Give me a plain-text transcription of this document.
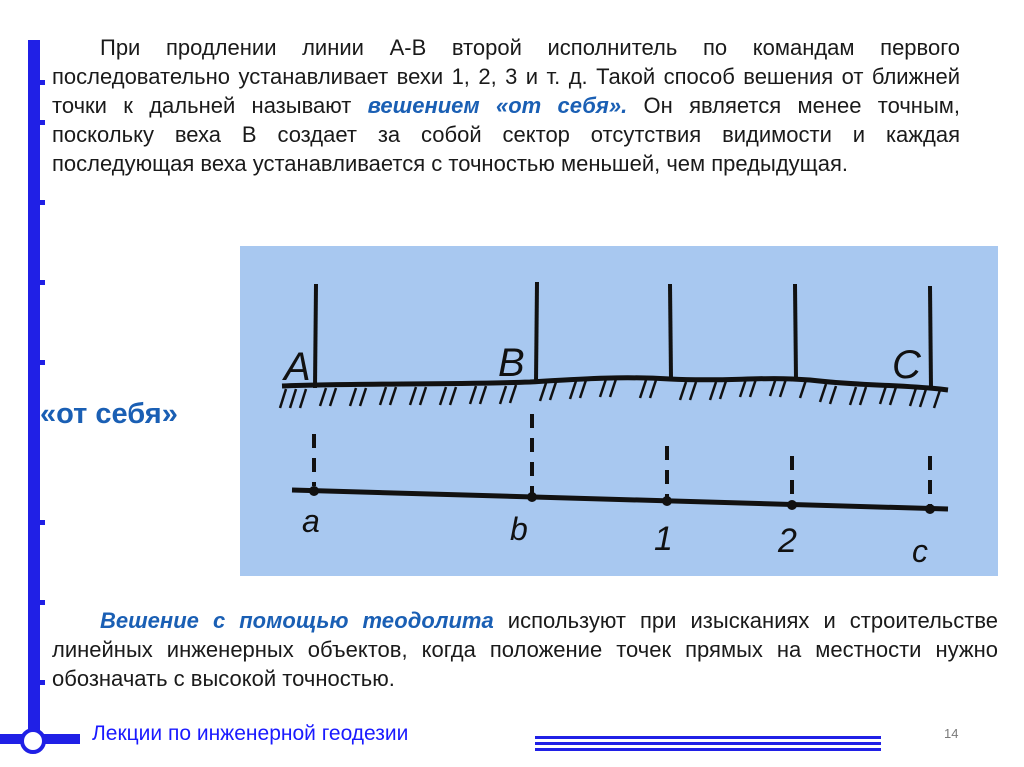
При продлении линии А-В второй исполнитель по командам первого последовательно устанавливает вехи 1, 2, 3 и т. д. Такой способ вешения от ближней точки к дальней называют вешением «от себя». Он является менее точным, поскольку веха В создает за собой сектор отсутствия видимости и каждая последующая веха устанавливается с точностью меньшей, чем предыдущая.
«от себя»
A	B	C
a	b	1	2	c
Вешение с помощью теодолита используют при изысканиях и строительстве линейных инженерных объектов, когда положение точек прямых на местности нужно обозначать с высокой точностью.
Лекции по инженерной геодезии	14
